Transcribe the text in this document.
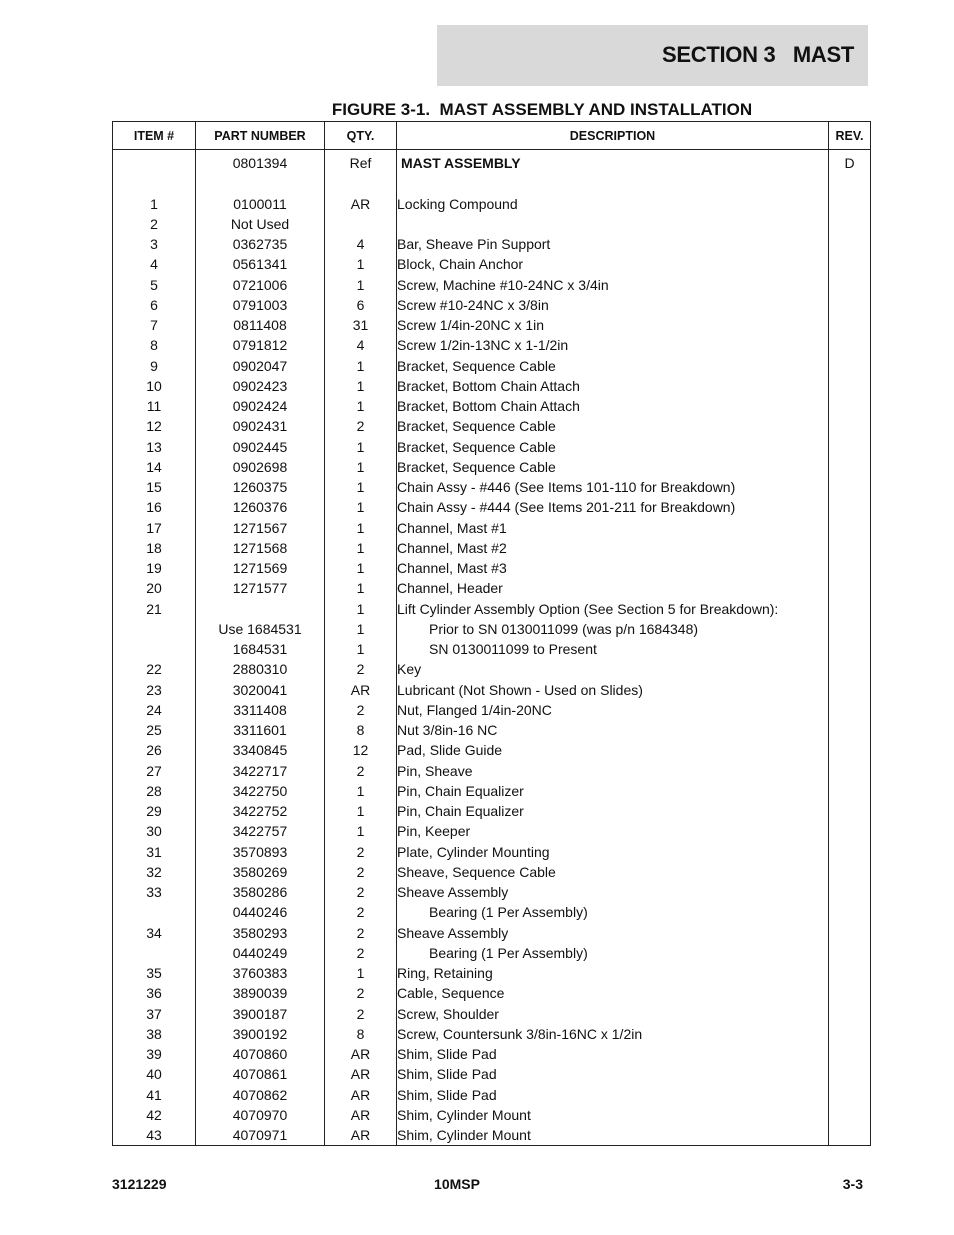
SECTION 3   MAST
FIGURE 3-1.  MAST ASSEMBLY AND INSTALLATION
ITEM #	PART NUMBER	QTY.	DESCRIPTION	REV.
	0801394	Ref	MAST ASSEMBLY	D

1	0100011	AR	Locking Compound	
2	Not Used			
3	0362735	4	Bar, Sheave Pin Support	
4	0561341	1	Block, Chain Anchor	
5	0721006	1	Screw, Machine #10-24NC x 3/4in	
6	0791003	6	Screw #10-24NC x 3/8in	
7	0811408	31	Screw 1/4in-20NC x 1in	
8	0791812	4	Screw 1/2in-13NC x 1-1/2in	
9	0902047	1	Bracket, Sequence Cable	
10	0902423	1	Bracket, Bottom Chain Attach	
11	0902424	1	Bracket, Bottom Chain Attach	
12	0902431	2	Bracket, Sequence Cable	
13	0902445	1	Bracket, Sequence Cable	
14	0902698	1	Bracket, Sequence Cable	
15	1260375	1	Chain Assy - #446 (See Items 101-110 for Breakdown)	
16	1260376	1	Chain Assy - #444 (See Items 201-211 for Breakdown)	
17	1271567	1	Channel, Mast #1	
18	1271568	1	Channel, Mast #2	
19	1271569	1	Channel, Mast #3	
20	1271577	1	Channel, Header	
21		1	Lift Cylinder Assembly Option (See Section 5 for Breakdown):	
	Use 1684531	1	Prior to SN 0130011099 (was p/n 1684348)	
	1684531	1	SN 0130011099 to Present	
22	2880310	2	Key	
23	3020041	AR	Lubricant (Not Shown - Used on Slides)	
24	3311408	2	Nut, Flanged 1/4in-20NC	
25	3311601	8	Nut 3/8in-16 NC	
26	3340845	12	Pad, Slide Guide	
27	3422717	2	Pin, Sheave	
28	3422750	1	Pin, Chain Equalizer	
29	3422752	1	Pin, Chain Equalizer	
30	3422757	1	Pin, Keeper	
31	3570893	2	Plate, Cylinder Mounting	
32	3580269	2	Sheave, Sequence Cable	
33	3580286	2	Sheave Assembly	
	0440246	2	Bearing (1 Per Assembly)	
34	3580293	2	Sheave Assembly	
	0440249	2	Bearing (1 Per Assembly)	
35	3760383	1	Ring, Retaining	
36	3890039	2	Cable, Sequence	
37	3900187	2	Screw, Shoulder	
38	3900192	8	Screw, Countersunk 3/8in-16NC x 1/2in	
39	4070860	AR	Shim, Slide Pad	
40	4070861	AR	Shim, Slide Pad	
41	4070862	AR	Shim, Slide Pad	
42	4070970	AR	Shim, Cylinder Mount	
43	4070971	AR	Shim, Cylinder Mount	
3121229	10MSP	3-3
